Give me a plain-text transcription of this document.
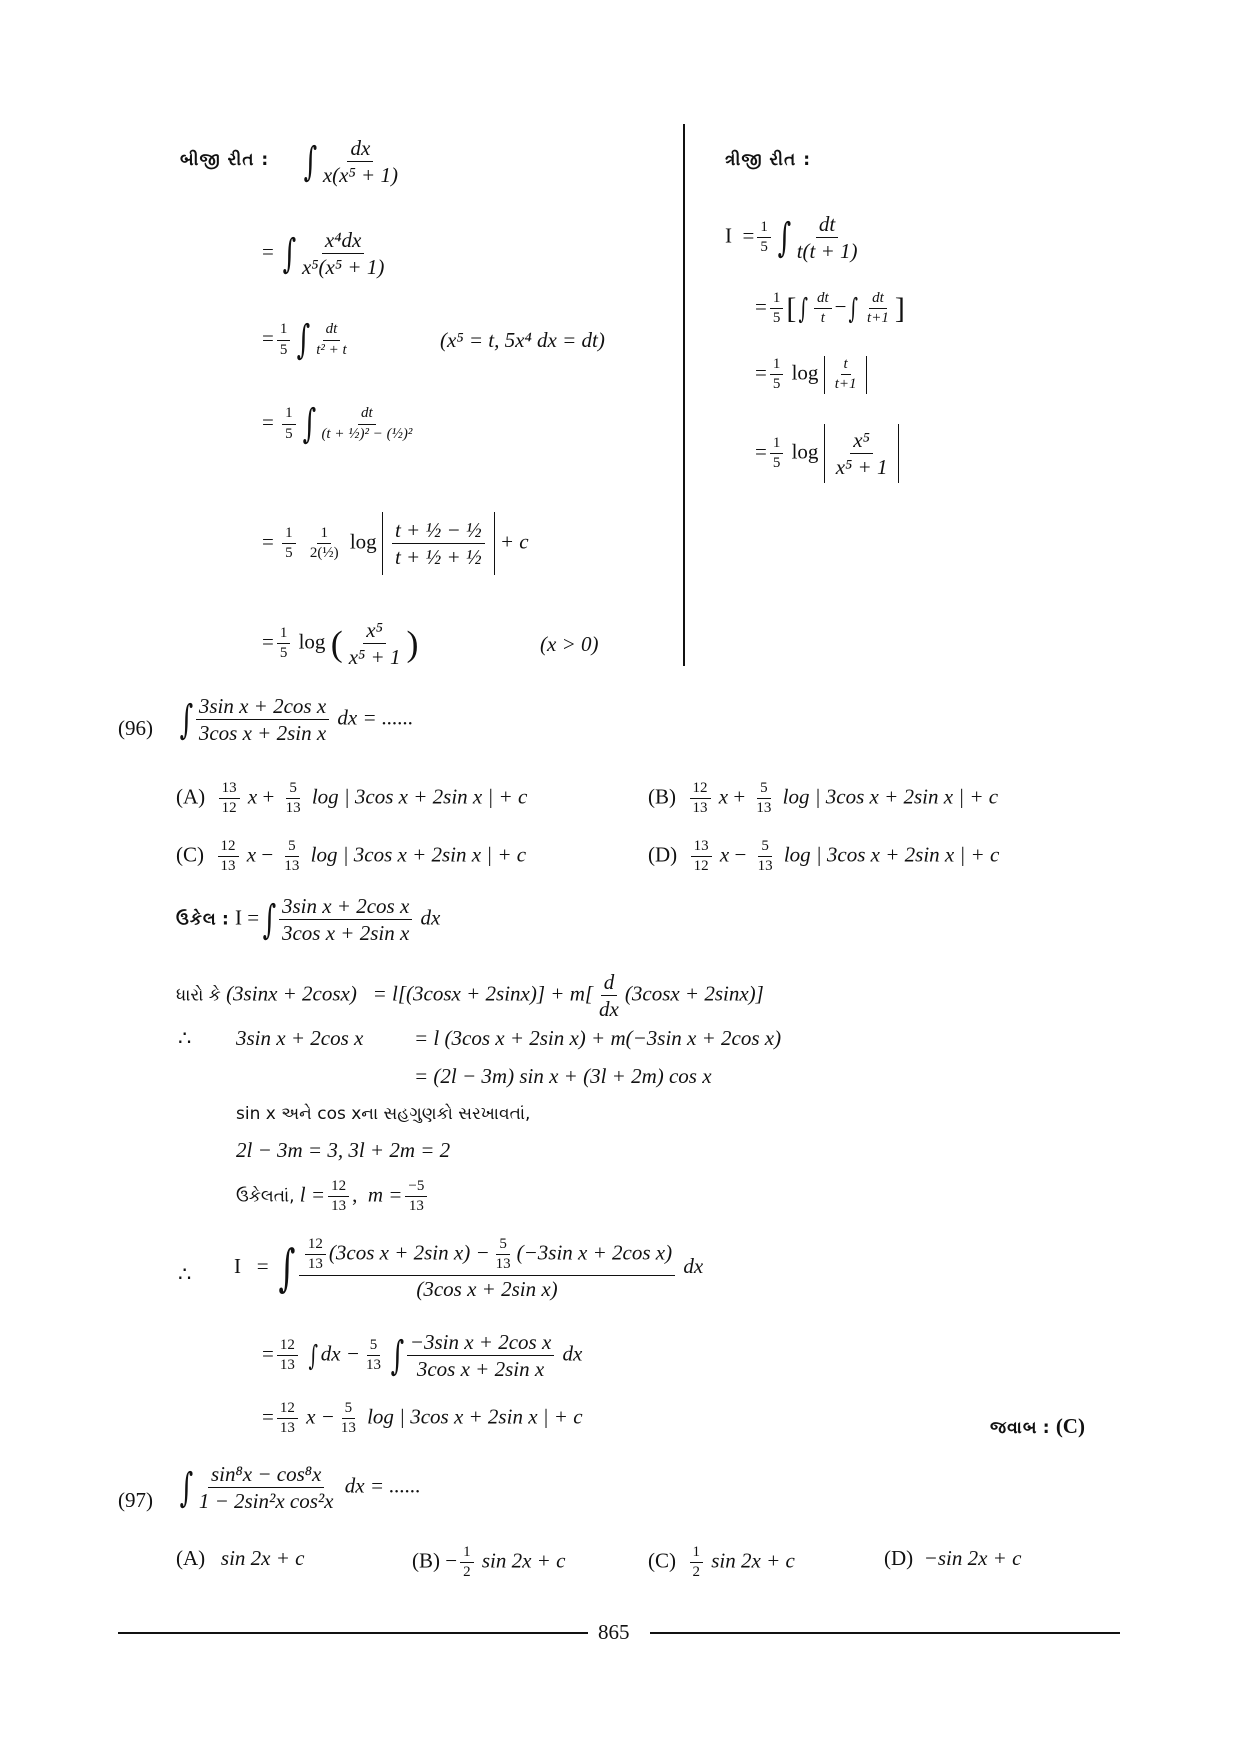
બીજી રીત : ∫ $\frac{dx}{\text{x(x⁵ + 1)}}$
= ∫ $\frac{\text{x⁴dx}}{\text{x⁵(x⁵ + 1)}}$
= $\frac{1}{5}$ ∫ $\frac{dt}{\text{t² + t}}$	(x⁵ = t, 5x⁴ dx = dt)
= $\frac{1}{5}$ ∫ $\frac{dt}{\text{(t + ½)² − (½)²}}$
= $\frac{1}{5}$
$\frac{1}{\text{2(½)}}$ $\log \frac{\text{t + ½ − ½}}{\text{t + ½ + ½}} + c$
= $\frac{1}{5}$ log ( $\frac{\text{x⁵}}{\text{x⁵ + 1}}$ )	(x > 0)
ત્રીજી રીત :
$I = \frac{1}{5}$ ∫ $\frac{dt}{t(t + 1)}$
= $\frac{1}{5}$ [∫ $\frac{dt}{t}$ −∫ $\frac{dt}{t+1}$ ]
= $\frac{1}{5}$ $\log \frac{t}{t+1}$
= $\frac{1}{5}$ $\log \frac{\text{x⁵}}{\text{x⁵ + 1}}$
(96) ∫ $\frac{\text{3sin x + 2cos x}}{\text{3cos x + 2sin x}}$ dx = ......
$(A) \frac{13}{12}$ $x + \frac{5}{13}$ log | 3cos x + 2sin x | + c	$(B) \frac{12}{13}$ $x + \frac{5}{13}$ log | 3cos x + 2sin x | + c
$(C) \frac{12}{13}$ $x - \frac{5}{13}$ log | 3cos x + 2sin x | + c	$(D) \frac{13}{12}$ $x - \frac{5}{13}$ log | 3cos x + 2sin x | + c
ઉકેલ : I =∫ $\frac{\text{3sin x + 2cos x}}{\text{3cos x + 2sin x}}$ dx
ધારો કે $(3\sin x + 2\cos x) = l[(3\cos x + 2\sin x)] + m[ \frac{d}{dx} (3\cos x + 2\sin x)]$
∴ 3sin x + 2cos x = l (3cos x + 2sin x) + m(−3sin x + 2cos x)
= (2l − 3m) sin x + (3l + 2m) cos x
sin x અને cos xના સહગુણકો સરખાવતાં,
2l − 3m = 3, 3l + 2m = 2
ઉકેલતાં, $l = \frac{12}{13}$ ,  $m = \frac{-5}{13}$
∴ I = ∫ $\frac{\frac{12}{13} (3\cos x + 2\sin x) - \frac{5}{13} (-3\sin x + 2\cos x)}{\text{(3cos x + 2sin x)}}$ dx
= $\frac{12}{13}$ ∫ dx − $\frac{5}{13}$ ∫ $\frac{\text{−3sin x + 2cos x}}{\text{3cos x + 2sin x}}$ dx
= $\frac{12}{13}$ $x - \frac{5}{13}$ log | 3cos x + 2sin x | + c	જવાબ : (C)
(97) ∫ $\frac{\text{sin⁸x − cos⁸x}}{\text{1 − 2sin²x cos²x}}$ dx = ......
(A) sin 2x + c	$(B) - \frac{1}{2}$ sin 2x + c	$(C) \frac{1}{2}$ sin 2x + c	(D) −sin 2x + c
865
